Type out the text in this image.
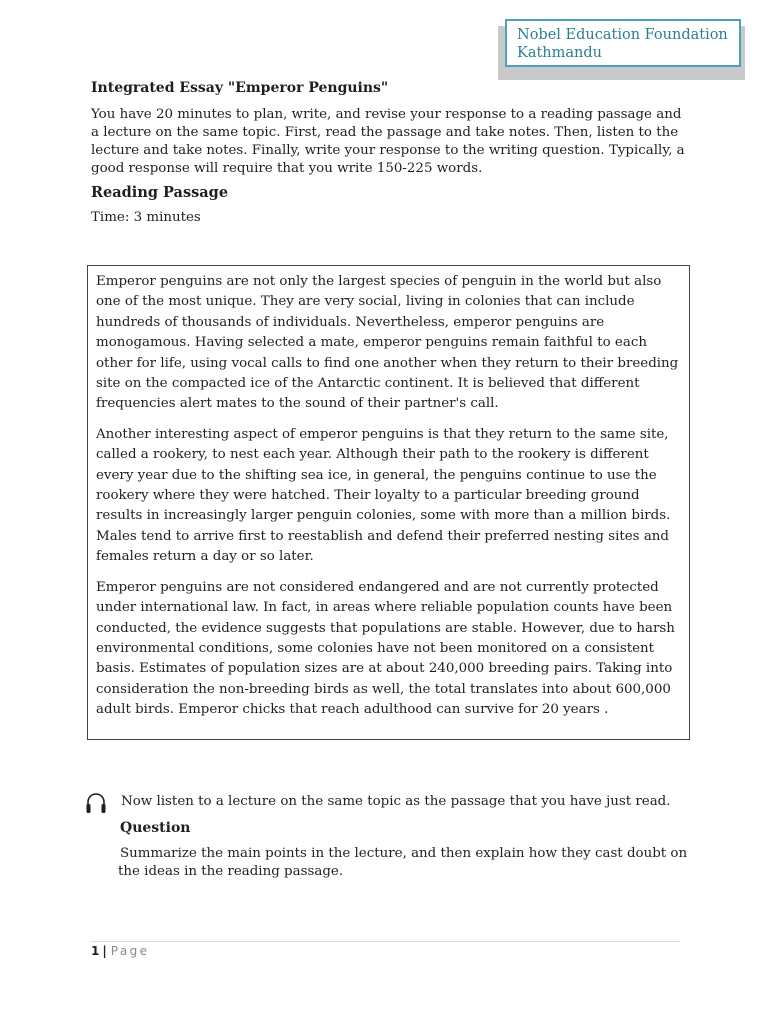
Nobel Education Foundation
Kathmandu
Integrated Essay "Emperor Penguins"

You have 20 minutes to plan, write, and revise your response to a reading passage and a lecture on the same topic. First, read the passage and take notes. Then, listen to the lecture and take notes. Finally, write your response to the writing question. Typically, a good response will require that you write 150-225 words.

Reading Passage
Time: 3 minutes

Emperor penguins are not only the largest species of penguin in the world but also one of the most unique. They are very social, living in colonies that can include hundreds of thousands of individuals. Nevertheless, emperor penguins are monogamous. Having selected a mate, emperor penguins remain faithful to each other for life, using vocal calls to find one another when they return to their breeding site on the compacted ice of the Antarctic continent. It is believed that different frequencies alert mates to the sound of their partner's call.

Another interesting aspect of emperor penguins is that they return to the same site, called a rookery, to nest each year. Although their path to the rookery is different every year due to the shifting sea ice, in general, the penguins continue to use the rookery where they were hatched. Their loyalty to a particular breeding ground results in increasingly larger penguin colonies, some with more than a million birds. Males tend to arrive first to reestablish and defend their preferred nesting sites and females return a day or so later.

Emperor penguins are not considered endangered and are not currently protected under international law. In fact, in areas where reliable population counts have been conducted, the evidence suggests that populations are stable. However, due to harsh environmental conditions, some colonies have not been monitored on a consistent basis. Estimates of population sizes are at about 240,000 breeding pairs. Taking into consideration the non-breeding birds as well, the total translates into about 600,000 adult birds. Emperor chicks that reach adulthood can survive for 20 years .

Now listen to a lecture on the same topic as the passage that you have just read.
Question

Summarize the main points in the lecture, and then explain how they cast doubt on the ideas in the reading passage.

1 | Page
